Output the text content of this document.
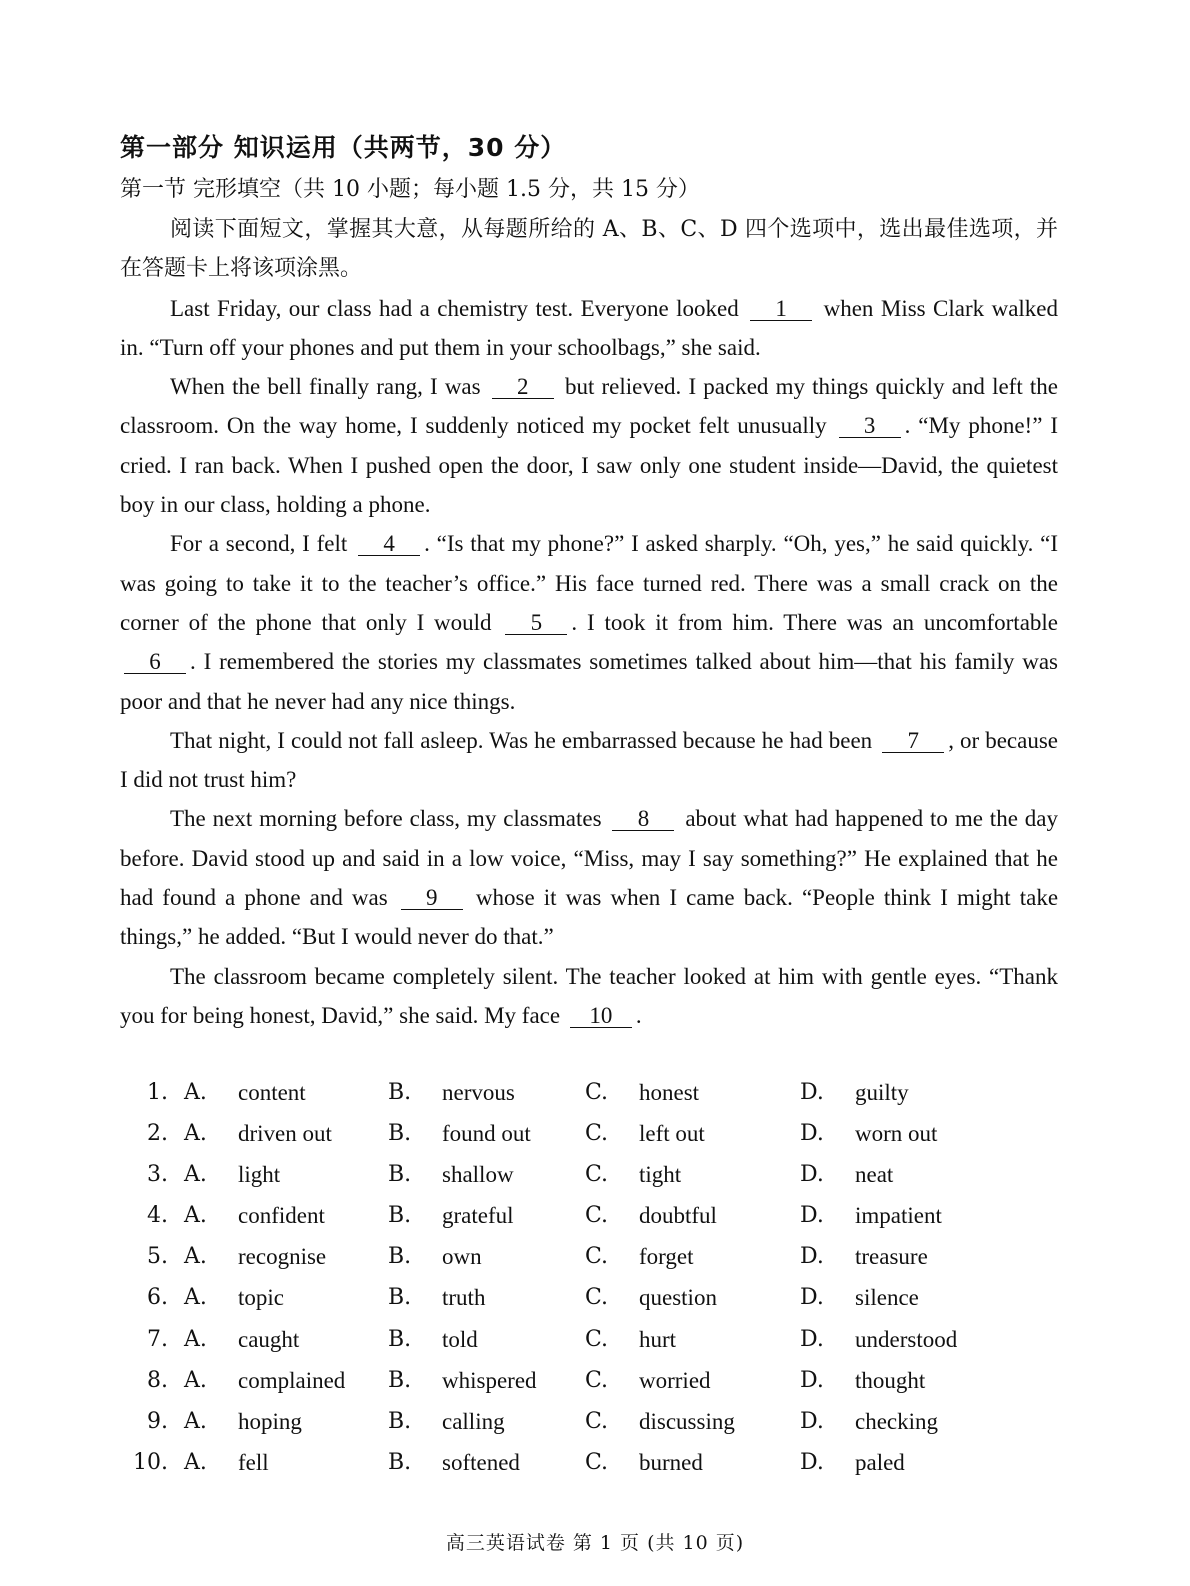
第一部分 知识运用（共两节，30 分）
第一节 完形填空（共 10 小题；每小题 1.5 分，共 15 分）

阅读下面短文，掌握其大意，从每题所给的 A、B、C、D 四个选项中，选出最佳选项，并在答题卡上将该项涂黑。

Last Friday, our class had a chemistry test. Everyone looked 1 when Miss Clark walked in. “Turn off your phones and put them in your schoolbags,” she said.

When the bell finally rang, I was 2 but relieved. I packed my things quickly and left the classroom. On the way home, I suddenly noticed my pocket felt unusually 3 . “My phone!” I cried. I ran back. When I pushed open the door, I saw only one student inside—David, the quietest boy in our class, holding a phone.

For a second, I felt 4 . “Is that my phone?” I asked sharply. “Oh, yes,” he said quickly. “I was going to take it to the teacher’s office.” His face turned red. There was a small crack on the corner of the phone that only I would 5 . I took it from him. There was an uncomfortable 6 . I remembered the stories my classmates sometimes talked about him—that his family was poor and that he never had any nice things.

That night, I could not fall asleep. Was he embarrassed because he had been 7 , or because I did not trust him?

The next morning before class, my classmates 8 about what had happened to me the day before. David stood up and said in a low voice, “Miss, may I say something?” He explained that he had found a phone and was 9 whose it was when I came back. “People think I might take things,” he added. “But I would never do that.”

The classroom became completely silent. The teacher looked at him with gentle eyes. “Thank you for being honest, David,” she said. My face 10 .

1. A. content	B. nervous	C. honest	D. guilty
2. A. driven out	B. found out C. left out	D. worn out
3. A. light	B. shallow	C. tight	D. neat
4. A. confident	B. grateful	C. doubtful	D. impatient
5. A. recognise	B. own	C. forget	D. treasure
6. A. topic	B. truth	C. question	D. silence
7. A. caught	B. told	C. hurt	D. understood
8. A. complained B. whispered C. worried	D. thought
9. A. hoping	B. calling	C. discussing	D. checking
10. A. fell	B. softened	C. burned	D. paled
高三英语试卷 第 1 页 (共 10 页)
